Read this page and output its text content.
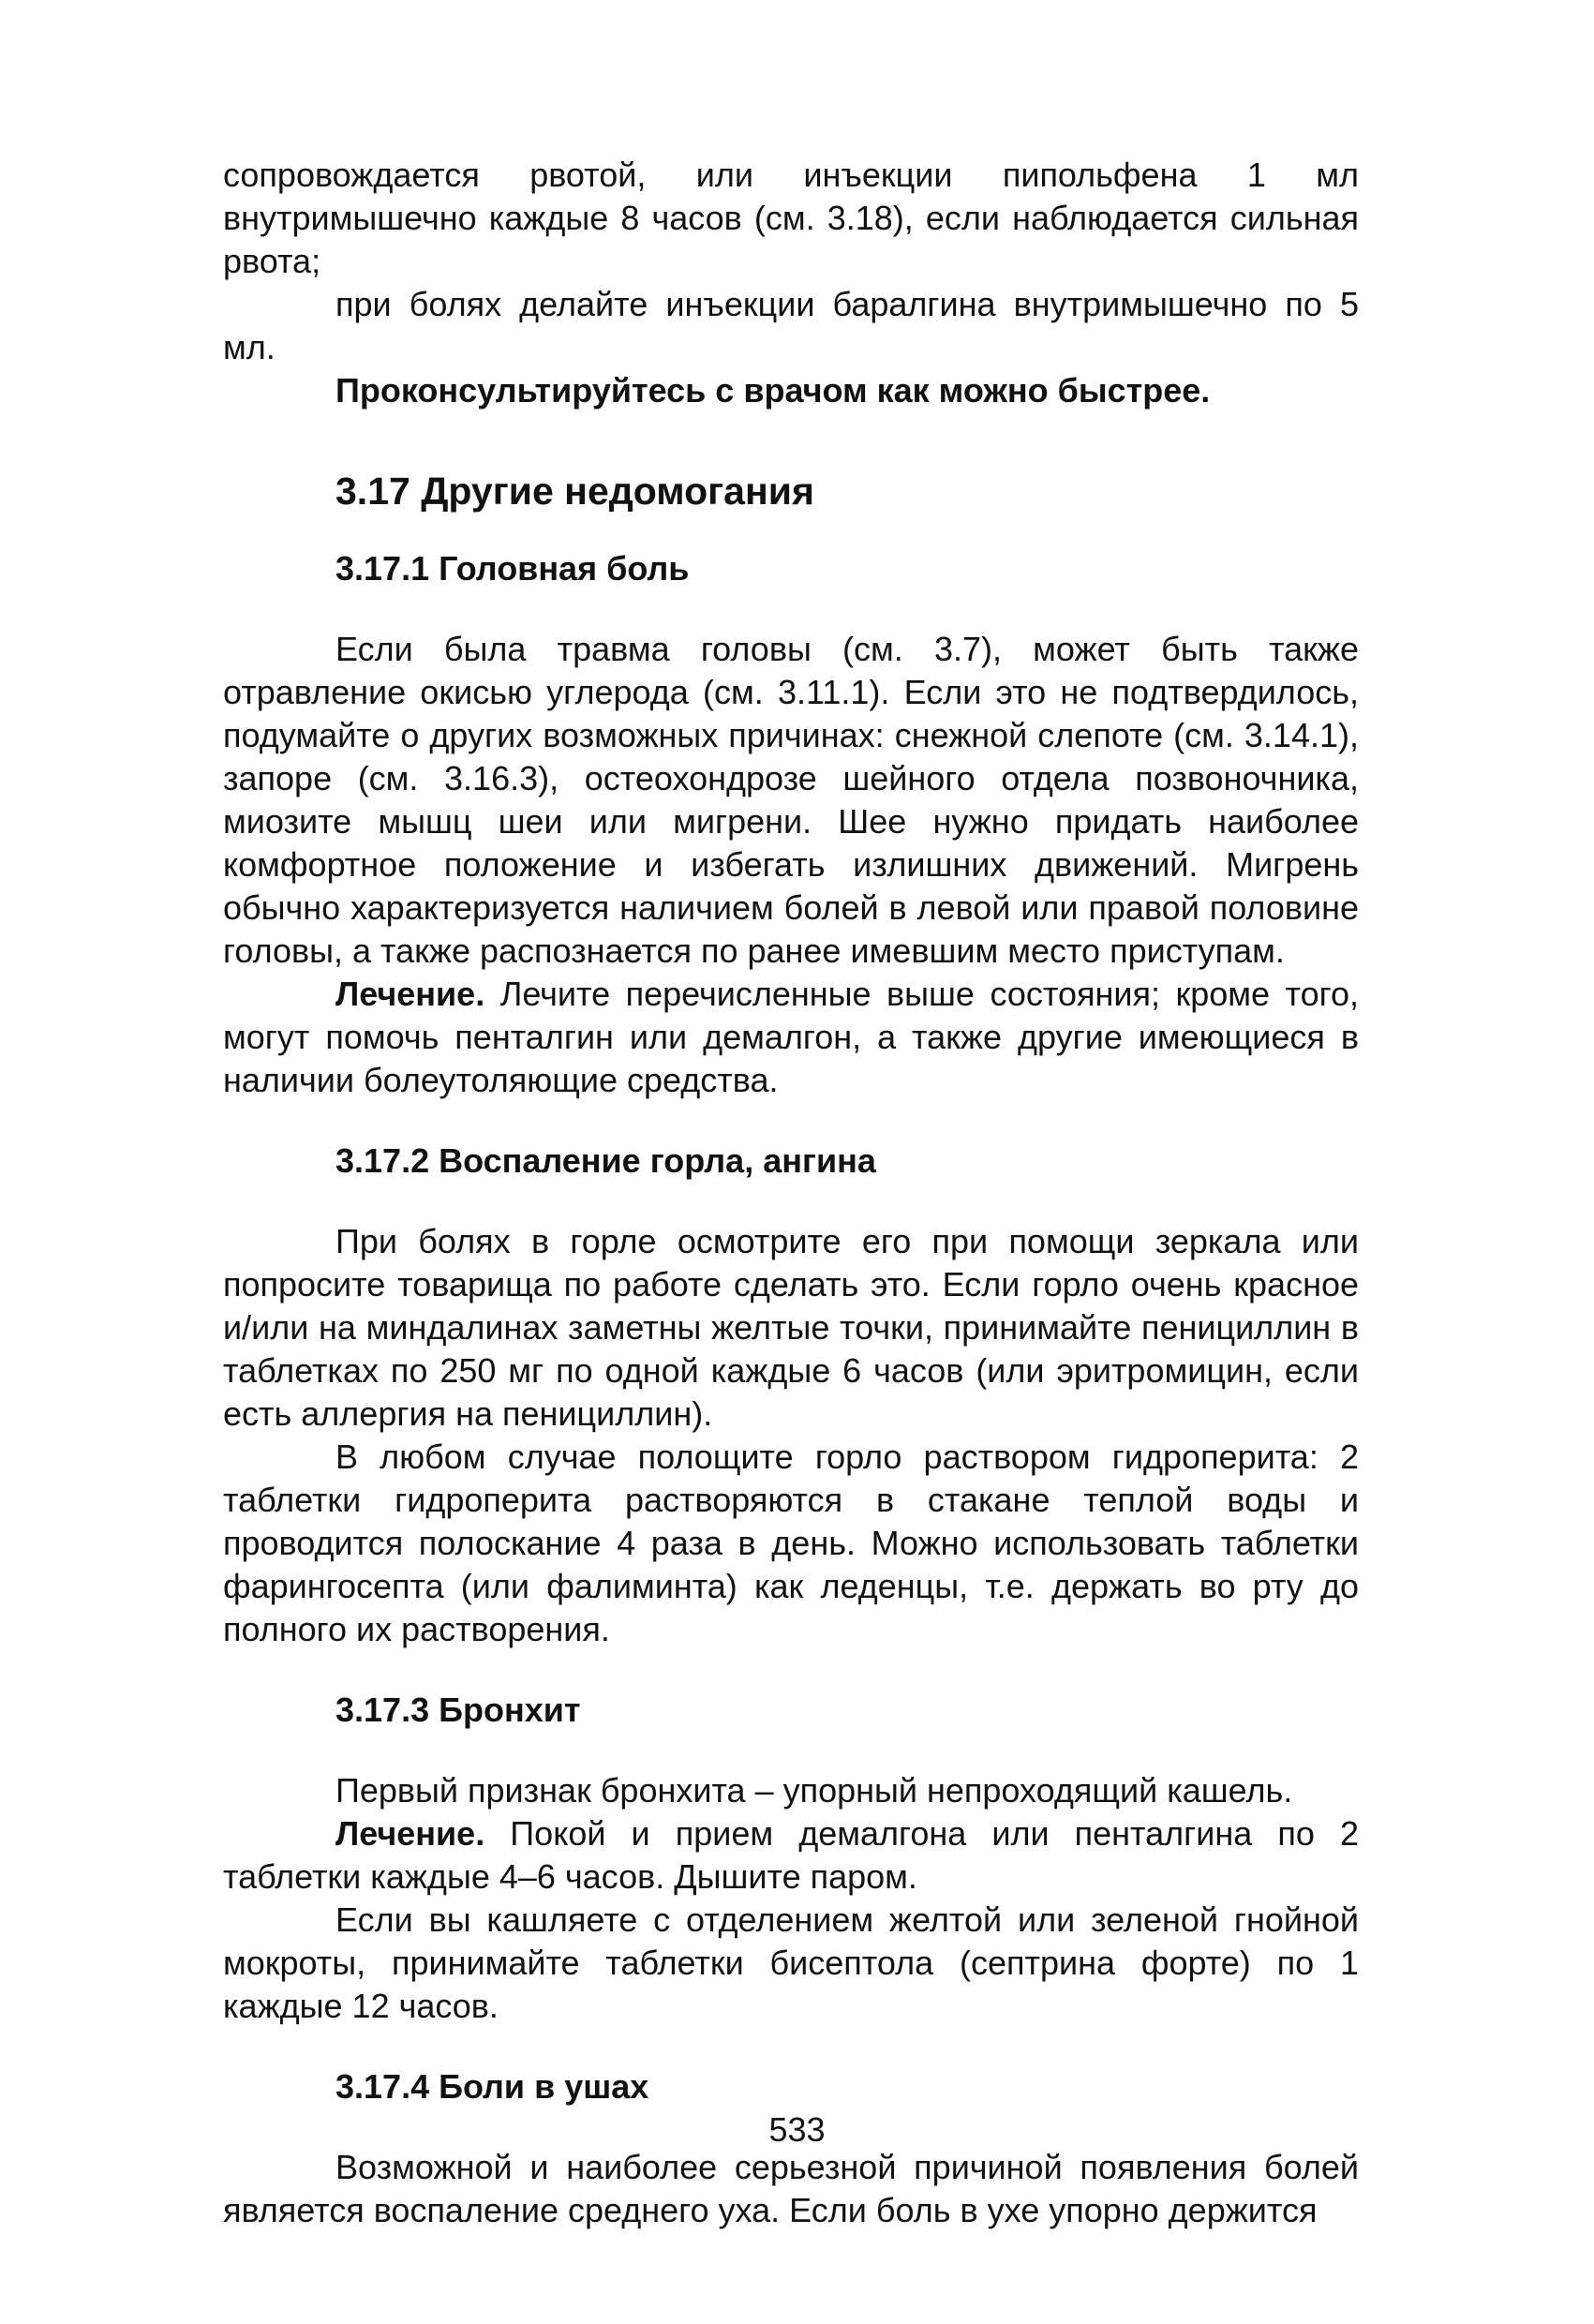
сопровождается рвотой, или инъекции пипольфена 1 мл внутримышечно каждые 8 часов (см. 3.18), если наблюдается сильная рвота;

при болях делайте инъекции баралгина внутримышечно по 5 мл.

Проконсультируйтесь с врачом как можно быстрее.

3.17 Другие недомогания
3.17.1 Головная боль

Если была травма головы (см. 3.7), может быть также отравление окисью углерода (см. 3.11.1). Если это не подтвердилось, подумайте о других возможных причинах: снежной слепоте (см. 3.14.1), запоре (см. 3.16.3), остеохондрозе шейного отдела позвоночника, миозите мышц шеи или мигрени. Шее нужно придать наиболее комфортное положение и избегать излишних движений. Мигрень обычно характеризуется наличием болей в левой или правой половине головы, а также распознается по ранее имевшим место приступам.

Лечение. Лечите перечисленные выше состояния; кроме того, могут помочь пенталгин или демалгон, а также другие имеющиеся в наличии болеутоляющие средства.

3.17.2 Воспаление горла, ангина

При болях в горле осмотрите его при помощи зеркала или попросите товарища по работе сделать это. Если горло очень красное и/или на миндалинах заметны желтые точки, принимайте пенициллин в таблетках по 250 мг по одной каждые 6 часов (или эритромицин, если есть аллергия на пенициллин).

В любом случае полощите горло раствором гидроперита: 2 таблетки гидроперита растворяются в стакане теплой воды и проводится полоскание 4 раза в день. Можно использовать таблетки фарингосепта (или фалиминта) как леденцы, т.е. держать во рту до полного их растворения.

3.17.3 Бронхит

Первый признак бронхита – упорный непроходящий кашель.

Лечение. Покой и прием демалгона или пенталгина по 2 таблетки каждые 4–6 часов. Дышите паром.

Если вы кашляете с отделением желтой или зеленой гнойной мокроты, принимайте таблетки бисептола (септрина форте) по 1 каждые 12 часов.

3.17.4 Боли в ушах

Возможной и наиболее серьезной причиной появления болей является воспаление среднего уха. Если боль в ухе упорно держится

533
